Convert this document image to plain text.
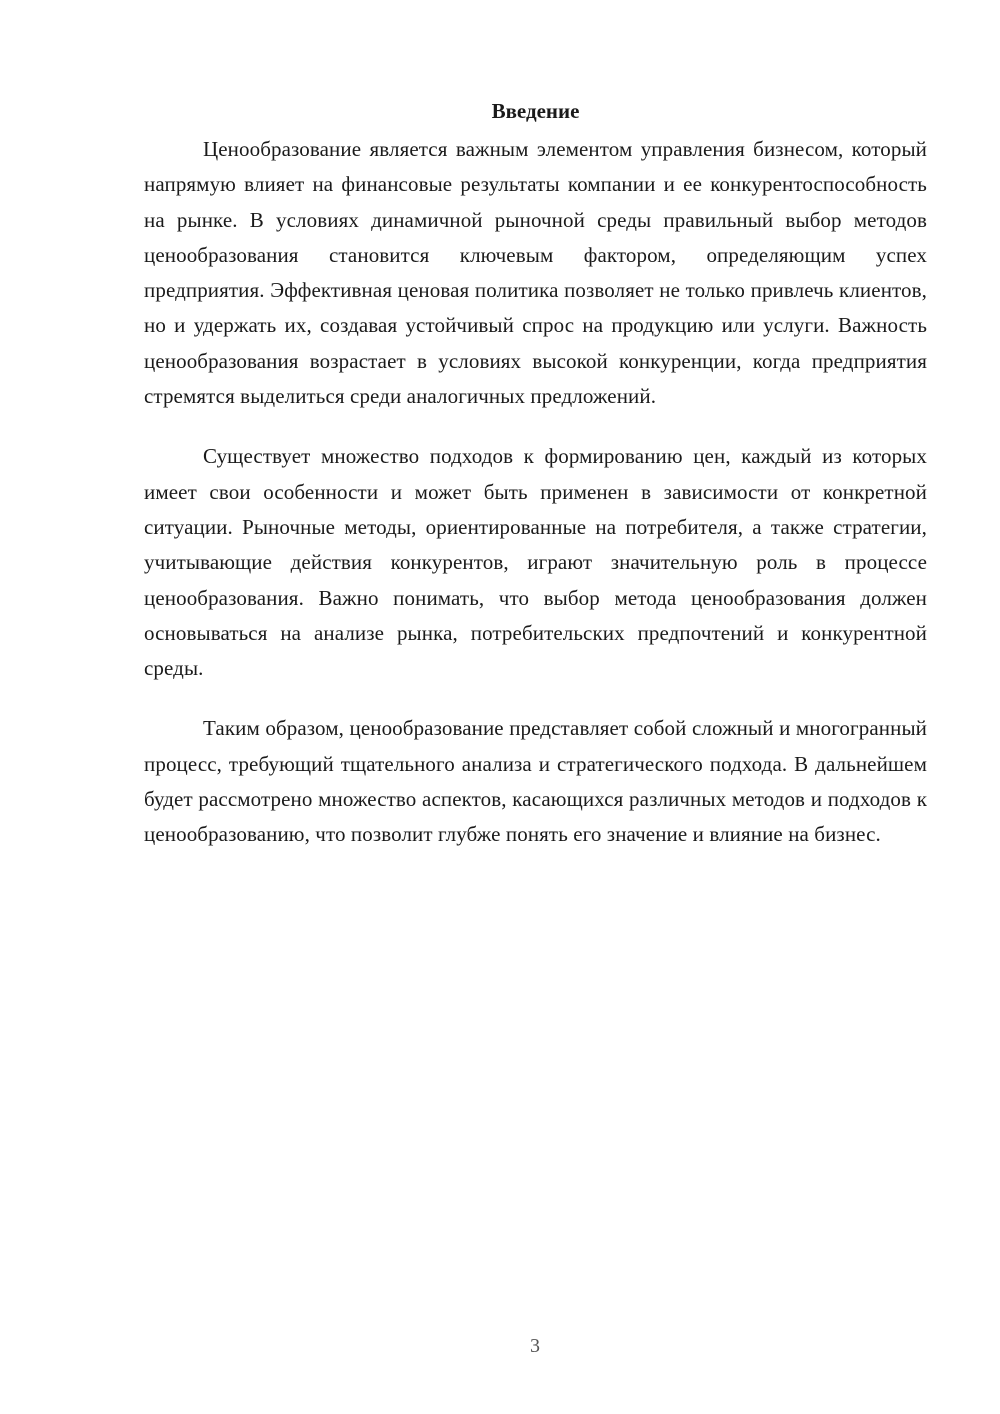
Введение

Ценообразование является важным элементом управления бизнесом, который напрямую влияет на финансовые результаты компании и ее конкурентоспособность на рынке. В условиях динамичной рыночной среды правильный выбор методов ценообразования становится ключевым фактором, определяющим успех предприятия. Эффективная ценовая политика позволяет не только привлечь клиентов, но и удержать их, создавая устойчивый спрос на продукцию или услуги. Важность ценообразования возрастает в условиях высокой конкуренции, когда предприятия стремятся выделиться среди аналогичных предложений.

Существует множество подходов к формированию цен, каждый из которых имеет свои особенности и может быть применен в зависимости от конкретной ситуации. Рыночные методы, ориентированные на потребителя, а также стратегии, учитывающие действия конкурентов, играют значительную роль в процессе ценообразования. Важно понимать, что выбор метода ценообразования должен основываться на анализе рынка, потребительских предпочтений и конкурентной среды.

Таким образом, ценообразование представляет собой сложный и многогранный процесс, требующий тщательного анализа и стратегического подхода. В дальнейшем будет рассмотрено множество аспектов, касающихся различных методов и подходов к ценообразованию, что позволит глубже понять его значение и влияние на бизнес.

3
